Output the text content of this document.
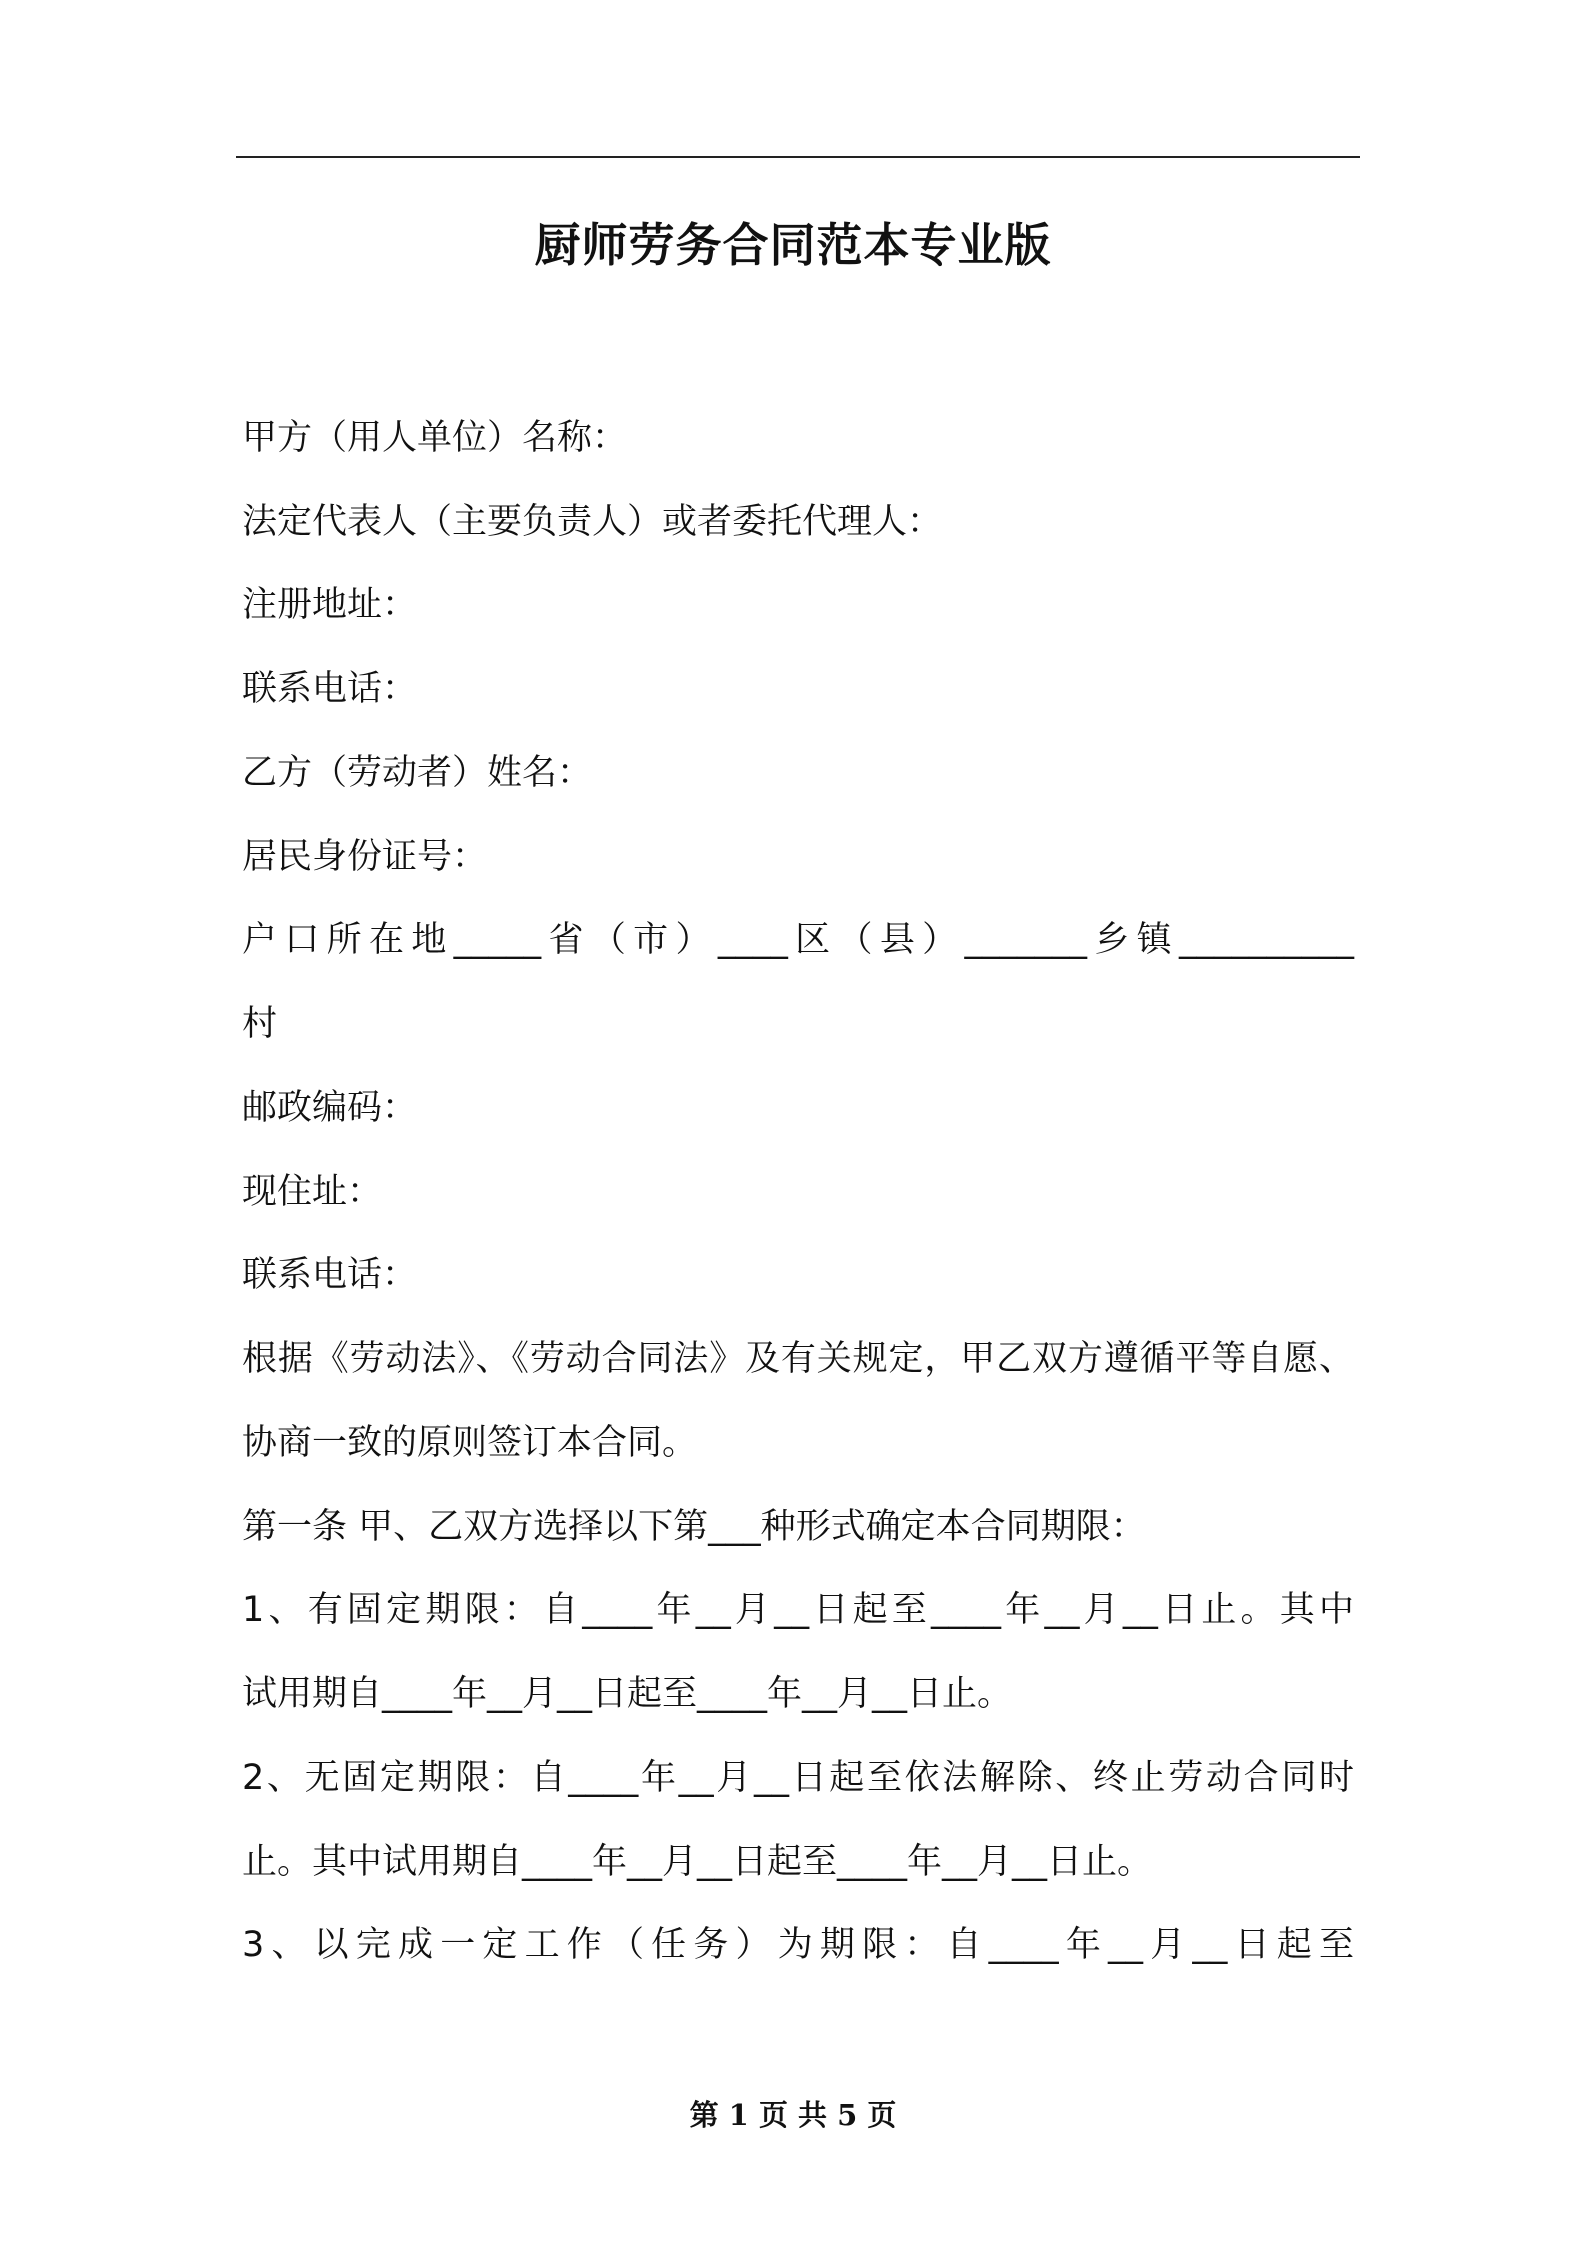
厨师劳务合同范本专业版
甲方（用人单位）名称：
法定代表人（主要负责人）或者委托代理人：
注册地址：
联系电话：
乙方（劳动者）姓名：
居民身份证号：
户口所在地_____省（市）____区（县）_______乡镇__________
村
邮政编码：
现住址：
联系电话：
根据《劳动法》、《劳动合同法》及有关规定，甲乙双方遵循平等自愿、
协商一致的原则签订本合同。
第一条 甲、乙双方选择以下第___种形式确定本合同期限：
1、有固定期限：自____年__月__日起至____年__月__日止。其中
试用期自____年__月__日起至____年__月__日止。
2、无固定期限：自____年__月__日起至依法解除、终止劳动合同时
止。其中试用期自____年__月__日起至____年__月__日止。
3、以完成一定工作（任务）为期限：自____年__月__日起至
第 1 页 共 5 页
